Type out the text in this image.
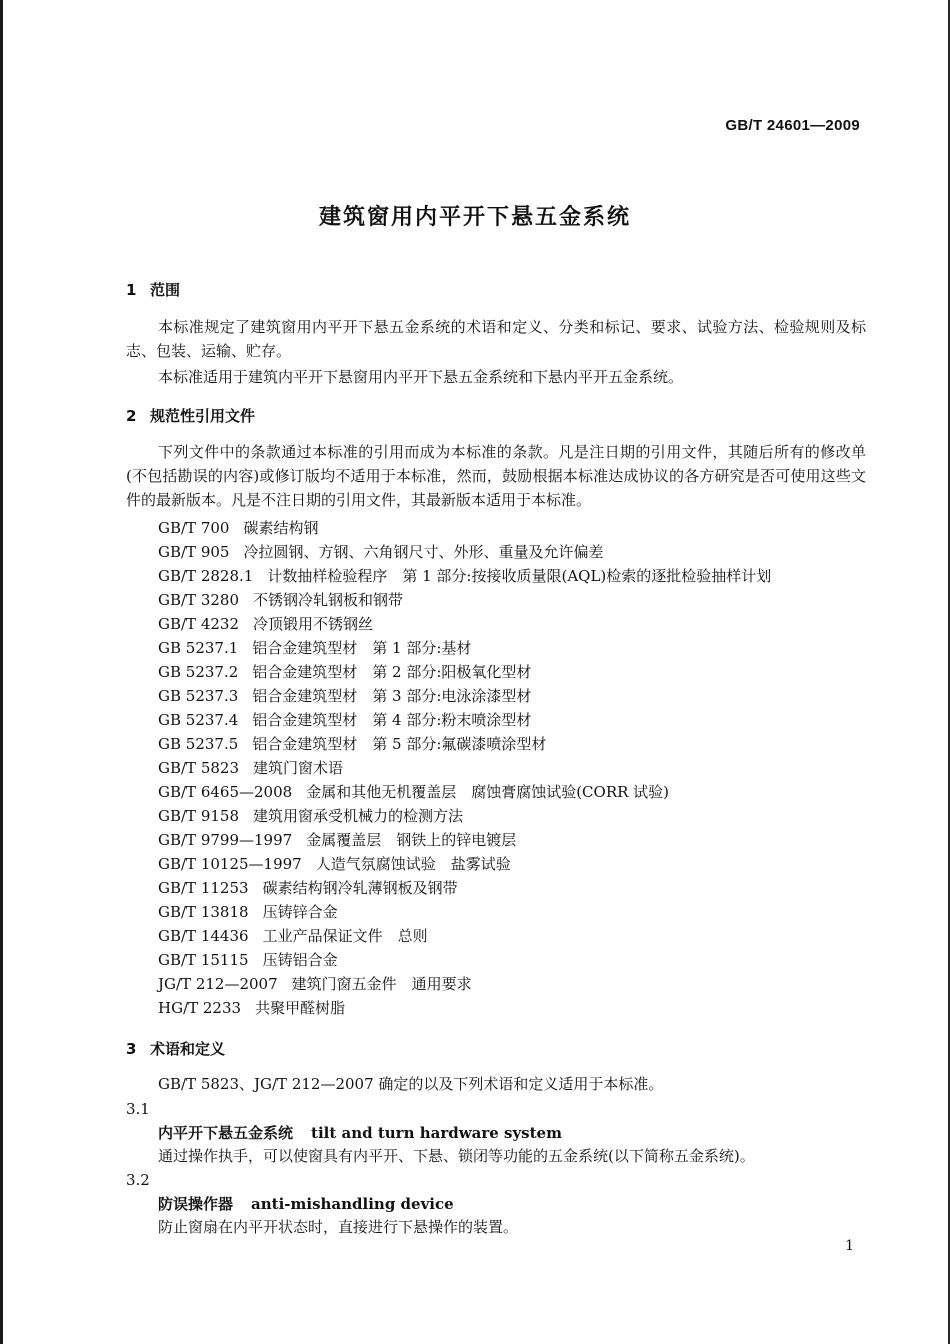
GB/T 24601—2009
建筑窗用内平开下悬五金系统
1 范围

本标准规定了建筑窗用内平开下悬五金系统的术语和定义、分类和标记、要求、试验方法、检验规则及标志、包装、运输、贮存。

本标准适用于建筑内平开下悬窗用内平开下悬五金系统和下悬内平开五金系统。

2 规范性引用文件

下列文件中的条款通过本标准的引用而成为本标准的条款。凡是注日期的引用文件，其随后所有的修改单(不包括勘误的内容)或修订版均不适用于本标准，然而，鼓励根据本标准达成协议的各方研究是否可使用这些文件的最新版本。凡是不注日期的引用文件，其最新版本适用于本标准。

GB/T 700 碳素结构钢
GB/T 905 冷拉圆钢、方钢、六角钢尺寸、外形、重量及允许偏差
GB/T 2828.1 计数抽样检验程序　第 1 部分:按接收质量限(AQL)检索的逐批检验抽样计划
GB/T 3280 不锈钢冷轧钢板和钢带
GB/T 4232 冷顶锻用不锈钢丝
GB 5237.1 铝合金建筑型材　第 1 部分:基材
GB 5237.2 铝合金建筑型材　第 2 部分:阳极氧化型材
GB 5237.3 铝合金建筑型材　第 3 部分:电泳涂漆型材
GB 5237.4 铝合金建筑型材　第 4 部分:粉末喷涂型材
GB 5237.5 铝合金建筑型材　第 5 部分:氟碳漆喷涂型材
GB/T 5823 建筑门窗术语
GB/T 6465—2008 金属和其他无机覆盖层　腐蚀膏腐蚀试验(CORR 试验)
GB/T 9158 建筑用窗承受机械力的检测方法
GB/T 9799—1997 金属覆盖层　钢铁上的锌电镀层
GB/T 10125—1997 人造气氛腐蚀试验　盐雾试验
GB/T 11253 碳素结构钢冷轧薄钢板及钢带
GB/T 13818 压铸锌合金
GB/T 14436 工业产品保证文件　总则
GB/T 15115 压铸铝合金
JG/T 212—2007 建筑门窗五金件　通用要求
HG/T 2233 共聚甲醛树脂
3 术语和定义

GB/T 5823、JG/T 212—2007 确定的以及下列术语和定义适用于本标准。

3.1
内平开下悬五金系统 tilt and turn hardware system
通过操作执手，可以使窗具有内平开、下悬、锁闭等功能的五金系统(以下简称五金系统)。
3.2
防误操作器 anti-mishandling device
防止窗扇在内平开状态时，直接进行下悬操作的装置。
1
